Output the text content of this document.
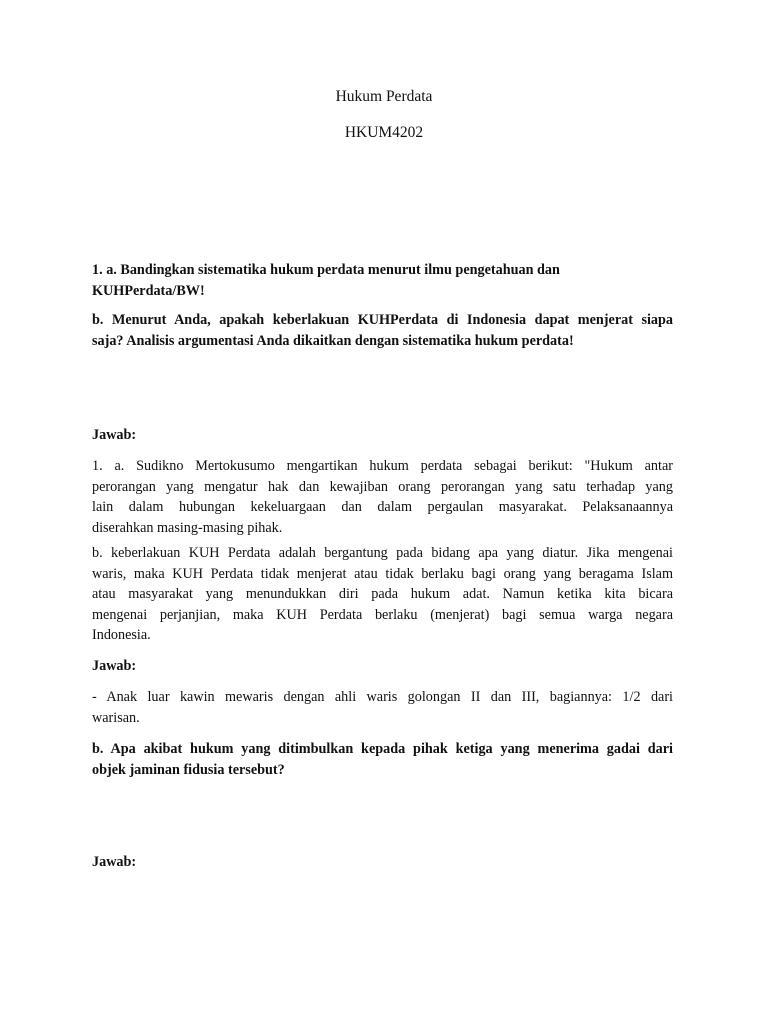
Hukum Perdata
HKUM4202
1. a. Bandingkan sistematika hukum perdata menurut ilmu pengetahuan dan
KUHPerdata/BW!
b. Menurut Anda, apakah keberlakuan KUHPerdata di Indonesia dapat menjerat siapa
saja? Analisis argumentasi Anda dikaitkan dengan sistematika hukum perdata!
Jawab:
1. a. Sudikno Mertokusumo mengartikan hukum perdata sebagai berikut: "Hukum antar
perorangan yang mengatur hak dan kewajiban orang perorangan yang satu terhadap yang
lain dalam hubungan kekeluargaan dan dalam pergaulan masyarakat. Pelaksanaannya
diserahkan masing-masing pihak.
b. keberlakuan KUH Perdata adalah bergantung pada bidang apa yang diatur. Jika mengenai
waris, maka KUH Perdata tidak menjerat atau tidak berlaku bagi orang yang beragama Islam
atau masyarakat yang menundukkan diri pada hukum adat. Namun ketika kita bicara
mengenai perjanjian, maka KUH Perdata berlaku (menjerat) bagi semua warga negara
Indonesia.
Jawab:
- Anak luar kawin mewaris dengan ahli waris golongan II dan III, bagiannya: 1/2 dari
warisan.
b. Apa akibat hukum yang ditimbulkan kepada pihak ketiga yang menerima gadai dari
objek jaminan fidusia tersebut?
Jawab:
